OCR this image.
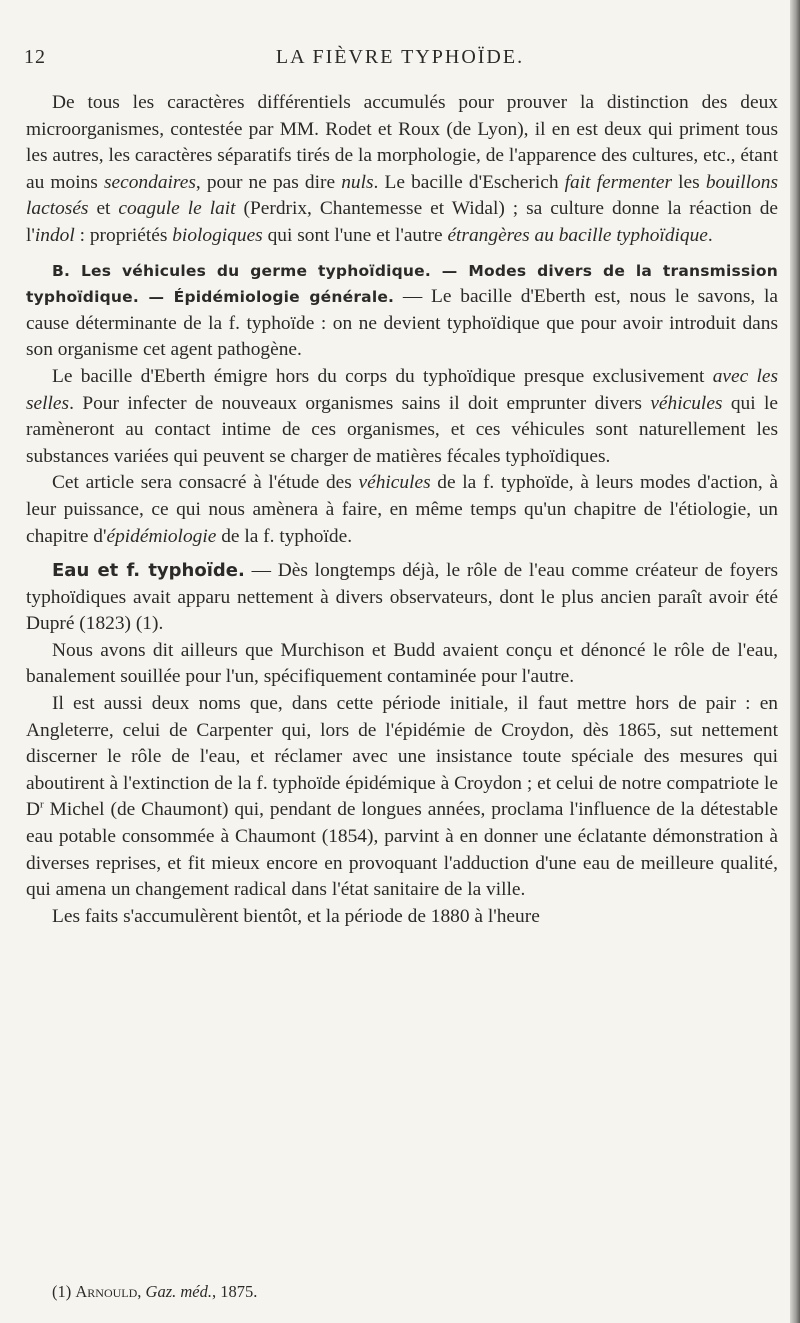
12	LA FIÈVRE TYPHOÏDE.

De tous les caractères différentiels accumulés pour prouver la distinction des deux microorganismes, contestée par MM. Rodet et Roux (de Lyon), il en est deux qui priment tous les autres, les caractères séparatifs tirés de la morphologie, de l'apparence des cultures, etc., étant au moins secondaires, pour ne pas dire nuls. Le bacille d'Escherich fait fermenter les bouillons lactosés et coagule le lait (Perdrix, Chantemesse et Widal) ; sa culture donne la réaction de l'indol : propriétés biologiques qui sont l'une et l'autre étrangères au bacille typhoïdique.

B. Les véhicules du germe typhoïdique. — Modes divers de la transmission typhoïdique. — Épidémiologie générale. — Le bacille d'Eberth est, nous le savons, la cause déterminante de la f. typhoïde : on ne devient typhoïdique que pour avoir introduit dans son organisme cet agent pathogène.

Le bacille d'Eberth émigre hors du corps du typhoïdique presque exclusivement avec les selles. Pour infecter de nouveaux organismes sains il doit emprunter divers véhicules qui le ramèneront au contact intime de ces organismes, et ces véhicules sont naturellement les substances variées qui peuvent se charger de matières fécales typhoïdiques.

Cet article sera consacré à l'étude des véhicules de la f. typhoïde, à leurs modes d'action, à leur puissance, ce qui nous amènera à faire, en même temps qu'un chapitre de l'étiologie, un chapitre d'épidémiologie de la f. typhoïde.

Eau et f. typhoïde. — Dès longtemps déjà, le rôle de l'eau comme créateur de foyers typhoïdiques avait apparu nettement à divers observateurs, dont le plus ancien paraît avoir été Dupré (1823) (1).

Nous avons dit ailleurs que Murchison et Budd avaient conçu et dénoncé le rôle de l'eau, banalement souillée pour l'un, spécifiquement contaminée pour l'autre.

Il est aussi deux noms que, dans cette période initiale, il faut mettre hors de pair : en Angleterre, celui de Carpenter qui, lors de l'épidémie de Croydon, dès 1865, sut nettement discerner le rôle de l'eau, et réclamer avec une insistance toute spéciale des mesures qui aboutirent à l'extinction de la f. typhoïde épidémique à Croydon ; et celui de notre compatriote le $D^r$ Michel (de Chaumont) qui, pendant de longues années, proclama l'influence de la détestable eau potable consommée à Chaumont (1854), parvint à en donner une éclatante démonstration à diverses reprises, et fit mieux encore en provoquant l'adduction d'une eau de meilleure qualité, qui amena un changement radical dans l'état sanitaire de la ville.

Les faits s'accumulèrent bientôt, et la période de 1880 à l'heure

(1) Arnould, Gaz. méd., 1875.
